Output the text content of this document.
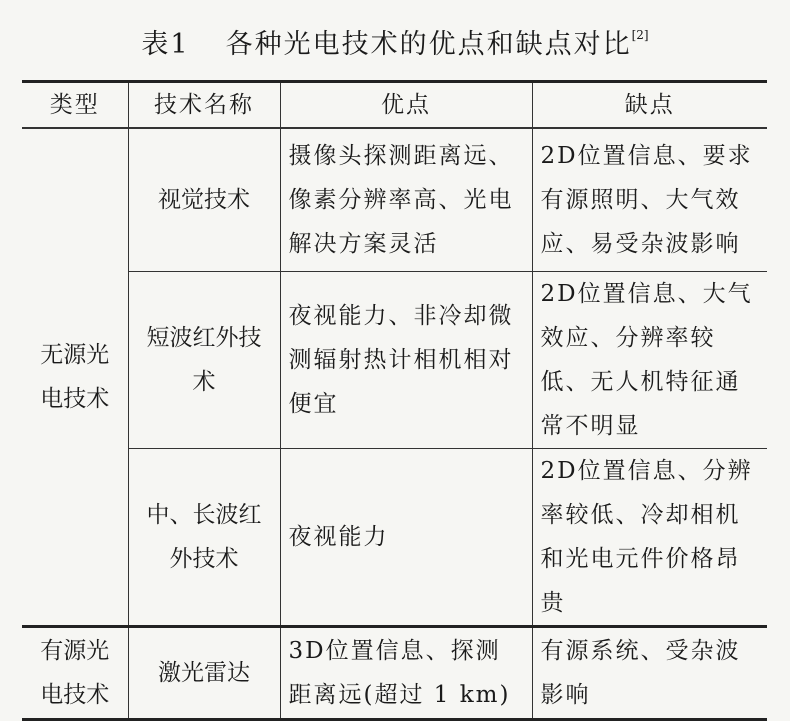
表1 各种光电技术的优点和缺点对比[2]
类型	技术名称	优点	缺点
无源光电技术	视觉技术	摄像头探测距离远、像素分辨率高、光电解决方案灵活	2D位置信息、要求有源照明、大气效应、易受杂波影响
	短波红外技术	夜视能力、非冷却微测辐射热计相机相对便宜	2D位置信息、大气效应、分辨率较低、无人机特征通常不明显
	中、长波红外技术	夜视能力	2D位置信息、分辨率较低、冷却相机和光电元件价格昂贵
有源光电技术	激光雷达	3D位置信息、探测距离远(超过 1 km)	有源系统、受杂波影响
